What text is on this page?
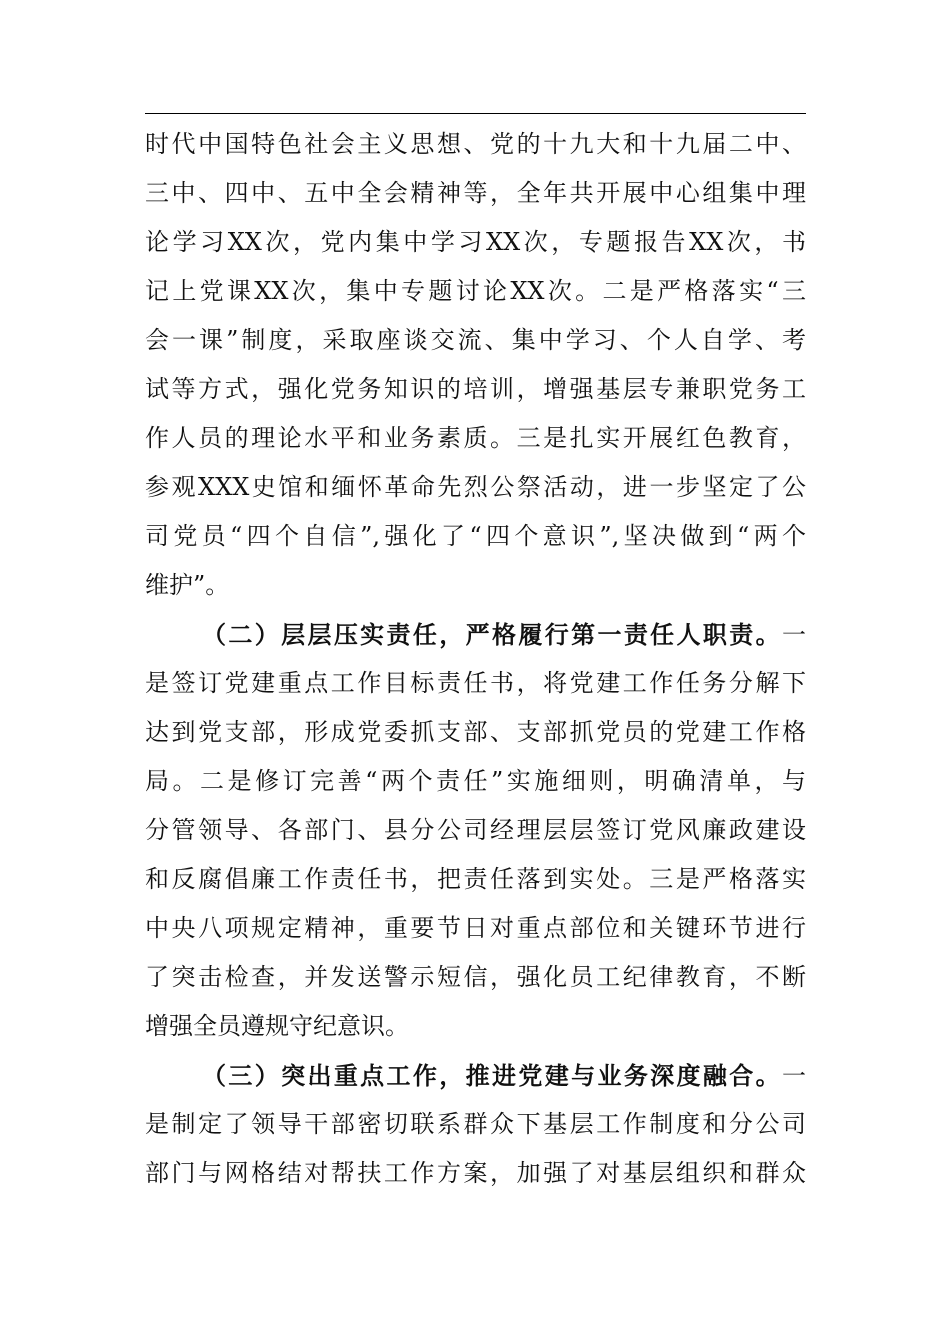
时代中国特色社会主义思想、党的十九大和十九届二中、
三中、四中、五中全会精神等，全年共开展中心组集中理
论学习XX次，党内集中学习XX次，专题报告XX次，书
记上党课XX次，集中专题讨论XX次。二是严格落实“三
会一课”制度，采取座谈交流、集中学习、个人自学、考
试等方式，强化党务知识的培训，增强基层专兼职党务工
作人员的理论水平和业务素质。三是扎实开展红色教育，
参观XXX史馆和缅怀革命先烈公祭活动，进一步坚定了公
司党员“四个自信”,强化了“四个意识”,坚决做到“两个
维护”。
（二）层层压实责任，严格履行第一责任人职责。一
是签订党建重点工作目标责任书，将党建工作任务分解下
达到党支部，形成党委抓支部、支部抓党员的党建工作格
局。二是修订完善“两个责任”实施细则，明确清单，与
分管领导、各部门、县分公司经理层层签订党风廉政建设
和反腐倡廉工作责任书，把责任落到实处。三是严格落实
中央八项规定精神，重要节日对重点部位和关键环节进行
了突击检查，并发送警示短信，强化员工纪律教育，不断
增强全员遵规守纪意识。
（三）突出重点工作，推进党建与业务深度融合。一
是制定了领导干部密切联系群众下基层工作制度和分公司
部门与网格结对帮扶工作方案，加强了对基层组织和群众
